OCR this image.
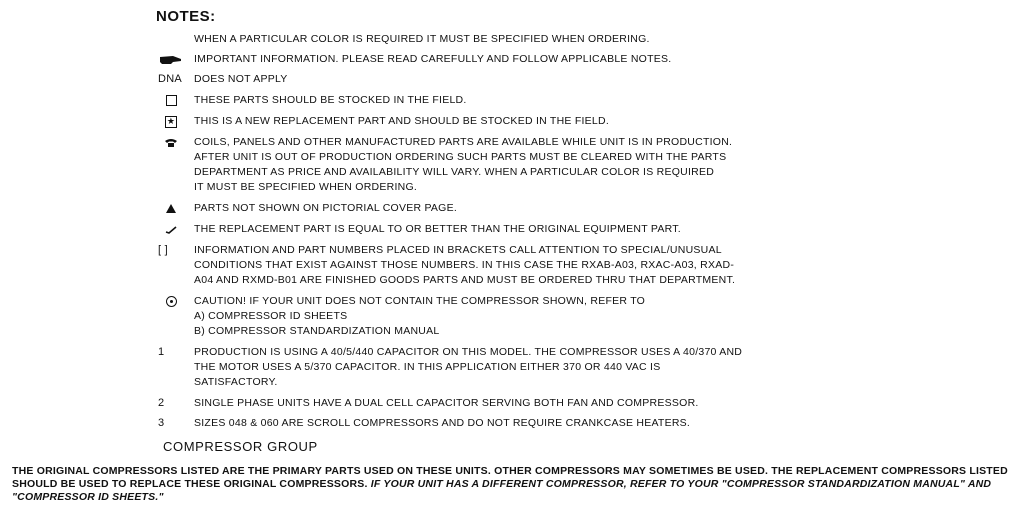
NOTES:
WHEN A PARTICULAR COLOR IS REQUIRED IT MUST BE SPECIFIED WHEN ORDERING.
IMPORTANT INFORMATION. PLEASE READ CAREFULLY AND FOLLOW APPLICABLE NOTES.
DNA	DOES NOT APPLY
THESE PARTS SHOULD BE STOCKED IN THE FIELD.
★ THIS IS A NEW REPLACEMENT PART AND SHOULD BE STOCKED IN THE FIELD.
COILS, PANELS AND OTHER MANUFACTURED PARTS ARE AVAILABLE WHILE UNIT IS IN PRODUCTION.
AFTER UNIT IS OUT OF PRODUCTION ORDERING SUCH PARTS MUST BE CLEARED WITH THE PARTS
DEPARTMENT AS PRICE AND AVAILABILITY WILL VARY. WHEN A PARTICULAR COLOR IS REQUIRED
IT MUST BE SPECIFIED WHEN ORDERING.
PARTS NOT SHOWN ON PICTORIAL COVER PAGE.
THE REPLACEMENT PART IS EQUAL TO OR BETTER THAN THE ORIGINAL EQUIPMENT PART.
[ ]	INFORMATION AND PART NUMBERS PLACED IN BRACKETS CALL ATTENTION TO SPECIAL/UNUSUAL
CONDITIONS THAT EXIST AGAINST THOSE NUMBERS. IN THIS CASE THE RXAB-A03, RXAC-A03, RXAD-
A04 AND RXMD-B01 ARE FINISHED GOODS PARTS AND MUST BE ORDERED THRU THAT DEPARTMENT.
CAUTION! IF YOUR UNIT DOES NOT CONTAIN THE COMPRESSOR SHOWN, REFER TO
A) COMPRESSOR ID SHEETS
B) COMPRESSOR STANDARDIZATION MANUAL
1	PRODUCTION IS USING A 40/5/440 CAPACITOR ON THIS MODEL. THE COMPRESSOR USES A 40/370 AND
THE MOTOR USES A 5/370 CAPACITOR. IN THIS APPLICATION EITHER 370 OR 440 VAC IS
SATISFACTORY.
2	SINGLE PHASE UNITS HAVE A DUAL CELL CAPACITOR SERVING BOTH FAN AND COMPRESSOR.
3	SIZES 048 & 060 ARE SCROLL COMPRESSORS AND DO NOT REQUIRE CRANKCASE HEATERS.
COMPRESSOR GROUP
THE ORIGINAL COMPRESSORS LISTED ARE THE PRIMARY PARTS USED ON THESE UNITS. OTHER COMPRESSORS MAY SOMETIMES BE USED. THE REPLACEMENT COMPRESSORS LISTED SHOULD BE USED TO REPLACE THESE ORIGINAL COMPRESSORS. IF YOUR UNIT HAS A DIFFERENT COMPRESSOR, REFER TO YOUR "COMPRESSOR STANDARDIZATION MANUAL" AND "COMPRESSOR ID SHEETS."
